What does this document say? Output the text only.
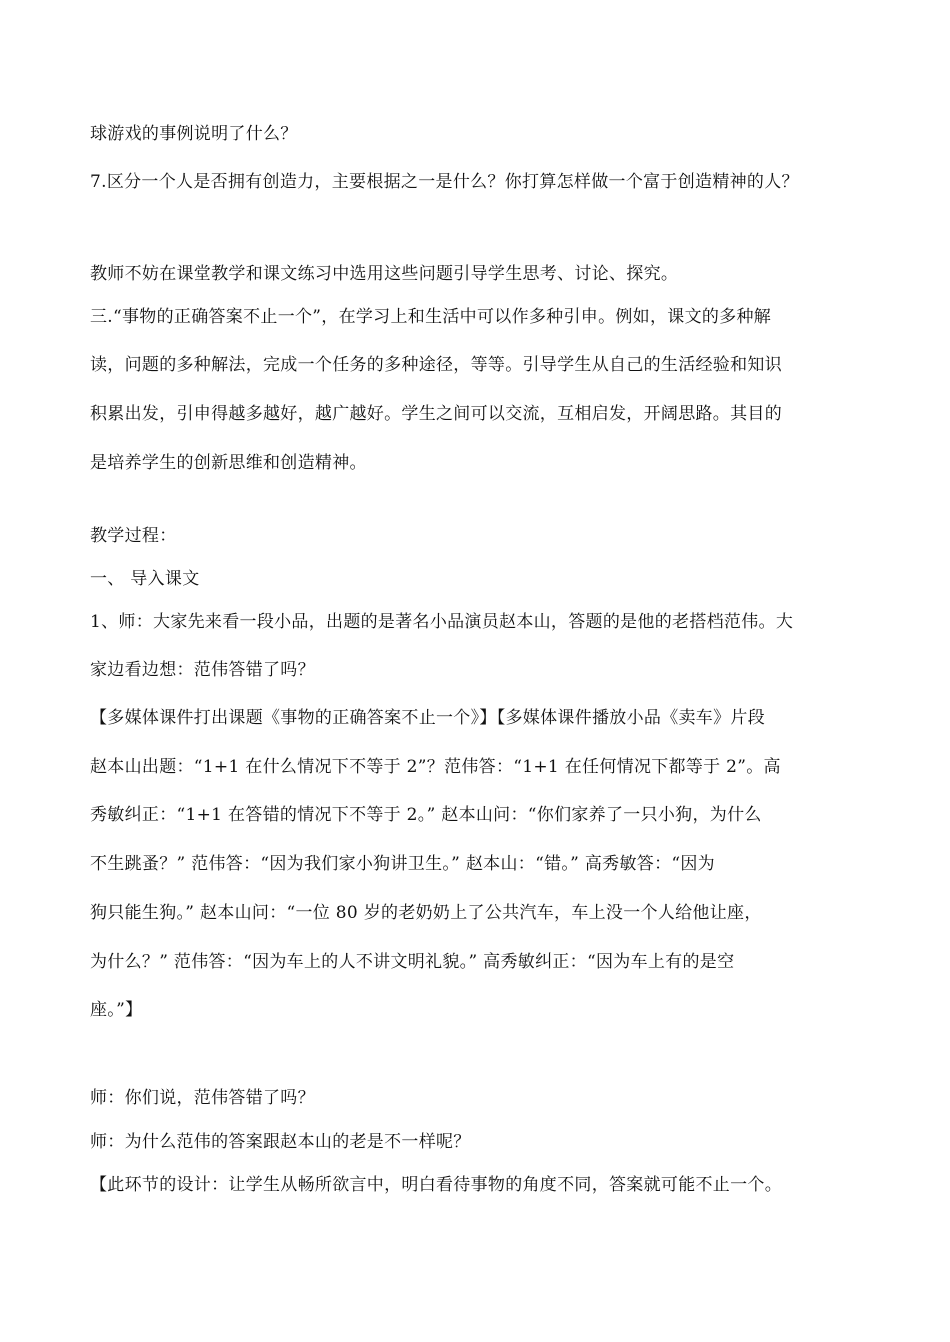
球游戏的事例说明了什么？
7.区分一个人是否拥有创造力，主要根据之一是什么？你打算怎样做一个富于创造精神的人？
教师不妨在课堂教学和课文练习中选用这些问题引导学生思考、讨论、探究。
三.“事物的正确答案不止一个”，在学习上和生活中可以作多种引申。例如，课文的多种解
读，问题的多种解法，完成一个任务的多种途径，等等。引导学生从自己的生活经验和知识
积累出发，引申得越多越好，越广越好。学生之间可以交流，互相启发，开阔思路。其目的
是培养学生的创新思维和创造精神。
教学过程：
一、 导入课文
1、师：大家先来看一段小品，出题的是著名小品演员赵本山，答题的是他的老搭档范伟。大
家边看边想：范伟答错了吗？
【多媒体课件打出课题《事物的正确答案不止一个》】【多媒体课件播放小品《卖车》片段
赵本山出题：“1+1 在什么情况下不等于 2”？范伟答：“1+1 在任何情况下都等于 2”。高
秀敏纠正：“1+1 在答错的情况下不等于 2。” 赵本山问：“你们家养了一只小狗，为什么
不生跳蚤？” 范伟答：“因为我们家小狗讲卫生。” 赵本山：“错。” 高秀敏答：“因为
狗只能生狗。” 赵本山问：“一位 80 岁的老奶奶上了公共汽车，车上没一个人给他让座，
为什么？” 范伟答：“因为车上的人不讲文明礼貌。” 高秀敏纠正：“因为车上有的是空
座。”】
师：你们说，范伟答错了吗？
师：为什么范伟的答案跟赵本山的老是不一样呢？
【此环节的设计：让学生从畅所欲言中，明白看待事物的角度不同，答案就可能不止一个。
